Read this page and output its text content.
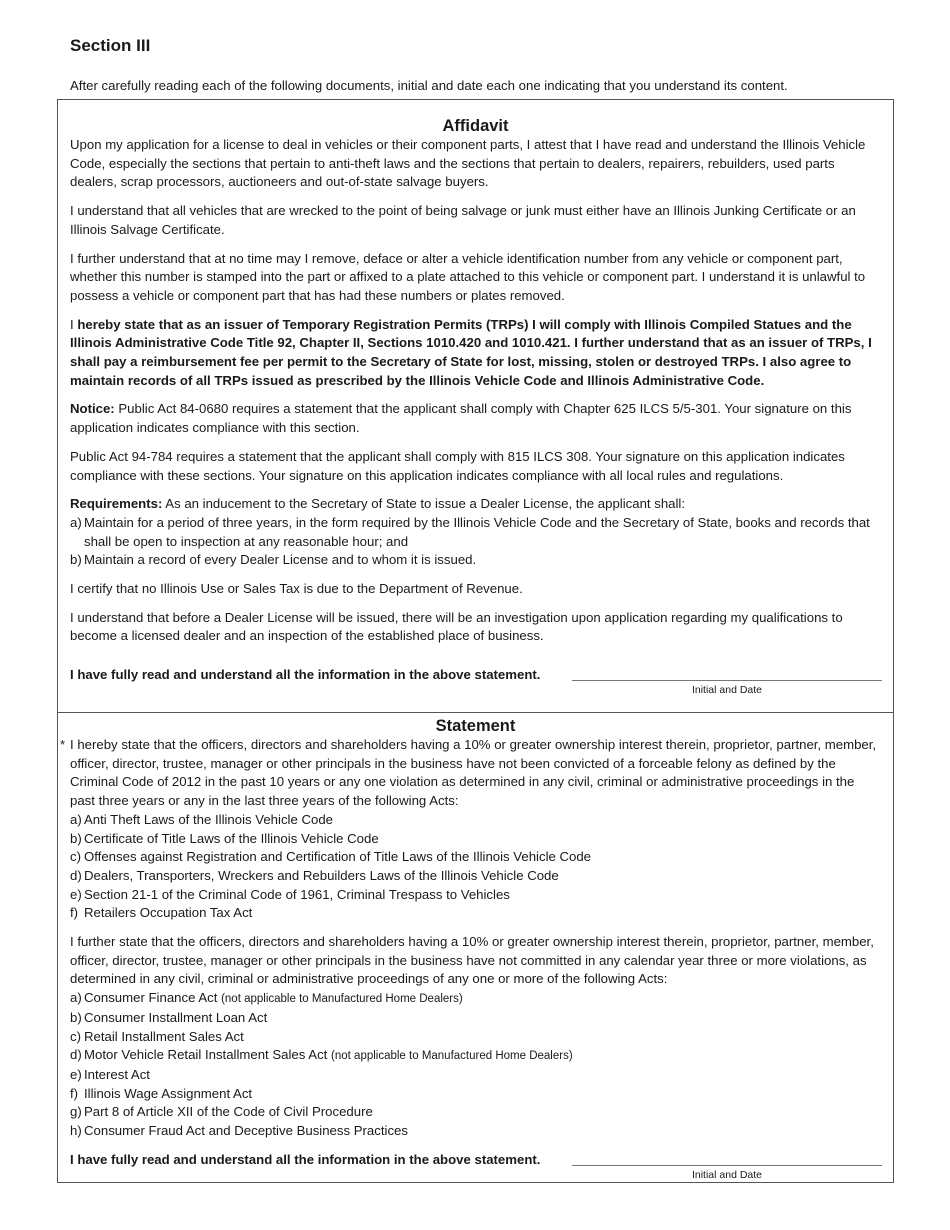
Section III
After carefully reading each of the following documents, initial and date each one indicating that you understand its content.

Affidavit

Upon my application for a license to deal in vehicles or their component parts, I attest that I have read and understand the Illinois Vehicle Code, especially the sections that pertain to anti-theft laws and the sections that pertain to dealers, repairers, rebuilders, used parts dealers, scrap processors, auctioneers and out-of-state salvage buyers.

I understand that all vehicles that are wrecked to the point of being salvage or junk must either have an Illinois Junking Certificate or an Illinois Salvage Certificate.

I further understand that at no time may I remove, deface or alter a vehicle identification number from any vehicle or component part, whether this number is stamped into the part or affixed to a plate attached to this vehicle or component part. I understand it is unlawful to possess a vehicle or component part that has had these numbers or plates removed.

I hereby state that as an issuer of Temporary Registration Permits (TRPs) I will comply with Illinois Compiled Statues and the Illinois Administrative Code Title 92, Chapter II, Sections 1010.420 and 1010.421. I further understand that as an issuer of TRPs, I shall pay a reimbursement fee per permit to the Secretary of State for lost, missing, stolen or destroyed TRPs. I also agree to maintain records of all TRPs issued as prescribed by the Illinois Vehicle Code and Illinois Administrative Code.

Notice: Public Act 84-0680 requires a statement that the applicant shall comply with Chapter 625 ILCS 5/5-301. Your signature on this application indicates compliance with this section.

Public Act 94-784 requires a statement that the applicant shall comply with 815 ILCS 308. Your signature on this application indicates compliance with these sections. Your signature on this application indicates compliance with all local rules and regulations.

Requirements: As an inducement to the Secretary of State to issue a Dealer License, the applicant shall:
a) Maintain for a period of three years, in the form required by the Illinois Vehicle Code and the Secretary of State, books and records that shall be open to inspection at any reasonable hour; and
b) Maintain a record of every Dealer License and to whom it is issued.

I certify that no Illinois Use or Sales Tax is due to the Department of Revenue.

I understand that before a Dealer License will be issued, there will be an investigation upon application regarding my qualifications to become a licensed dealer and an inspection of the established place of business.

I have fully read and understand all the information in the above statement.
Initial and Date

Statement

* I hereby state that the officers, directors and shareholders having a 10% or greater ownership interest therein, proprietor, partner, member, officer, director, trustee, manager or other principals in the business have not been convicted of a forceable felony as defined by the Criminal Code of 2012 in the past 10 years or any one violation as determined in any civil, criminal or administrative proceedings in the past three years or any in the last three years of the following Acts:
a) Anti Theft Laws of the Illinois Vehicle Code
b) Certificate of Title Laws of the Illinois Vehicle Code
c) Offenses against Registration and Certification of Title Laws of the Illinois Vehicle Code
d) Dealers, Transporters, Wreckers and Rebuilders Laws of the Illinois Vehicle Code
e) Section 21-1 of the Criminal Code of 1961, Criminal Trespass to Vehicles
f) Retailers Occupation Tax Act

I further state that the officers, directors and shareholders having a 10% or greater ownership interest therein, proprietor, partner, member, officer, director, trustee, manager or other principals in the business have not committed in any calendar year three or more violations, as determined in any civil, criminal or administrative proceedings of any one or more of the following Acts:

a) Consumer Finance Act (not applicable to Manufactured Home Dealers)
b) Consumer Installment Loan Act
c) Retail Installment Sales Act
d) Motor Vehicle Retail Installment Sales Act (not applicable to Manufactured Home Dealers)
e) Interest Act
f) Illinois Wage Assignment Act
g) Part 8 of Article XII of the Code of Civil Procedure
h) Consumer Fraud Act and Deceptive Business Practices
I have fully read and understand all the information in the above statement.
Initial and Date
